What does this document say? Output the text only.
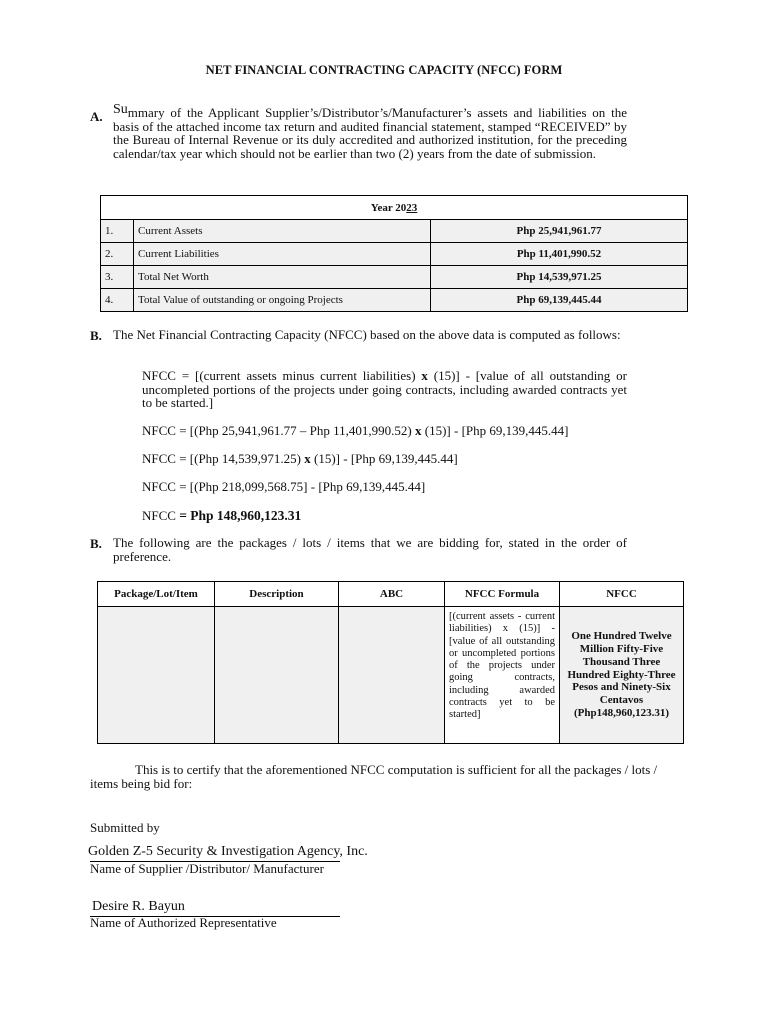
NET FINANCIAL CONTRACTING CAPACITY (NFCC) FORM
A. Summary of the Applicant Supplier’s/Distributor’s/Manufacturer’s assets and liabilities on the basis of the attached income tax return and audited financial statement, stamped “RECEIVED” by the Bureau of Internal Revenue or its duly accredited and authorized institution, for the preceding calendar/tax year which should not be earlier than two (2) years from the date of submission.
Year 2023		
1.	Current Assets	Php 25,941,961.77
2.	Current Liabilities	Php 11,401,990.52
3.	Total Net Worth	Php 14,539,971.25
4.	Total Value of outstanding or ongoing Projects	Php 69,139,445.44
B. The Net Financial Contracting Capacity (NFCC) based on the above data is computed as follows:
NFCC = [(current assets minus current liabilities) x (15)] - [value of all outstanding or uncompleted portions of the projects under going contracts, including awarded contracts yet to be started.]
NFCC = [(Php 25,941,961.77 – Php 11,401,990.52) x (15)] - [Php 69,139,445.44]
NFCC = [(Php 14,539,971.25) x (15)] - [Php 69,139,445.44]
NFCC = [(Php 218,099,568.75] - [Php 69,139,445.44]
NFCC = Php 148,960,123.31
B. The following are the packages / lots / items that we are bidding for, stated in the order of preference.
Package/Lot/Item	Description	ABC	NFCC Formula	NFCC

			[(current assets - current liabilities) x (15)] - [value of all outstanding or uncompleted portions of the projects under going contracts, including awarded contracts yet to be started]	One Hundred Twelve Million Fifty-Five Thousand Three Hundred Eighty-Three Pesos and Ninety-Six Centavos (Php148,960,123.31)
This is to certify that the aforementioned NFCC computation is sufficient for all the packages / lots / items being bid for:
Submitted by
Golden Z-5 Security & Investigation Agency, Inc.
Name of Supplier /Distributor/ Manufacturer
Desire R. Bayun
Name of Authorized Representative
